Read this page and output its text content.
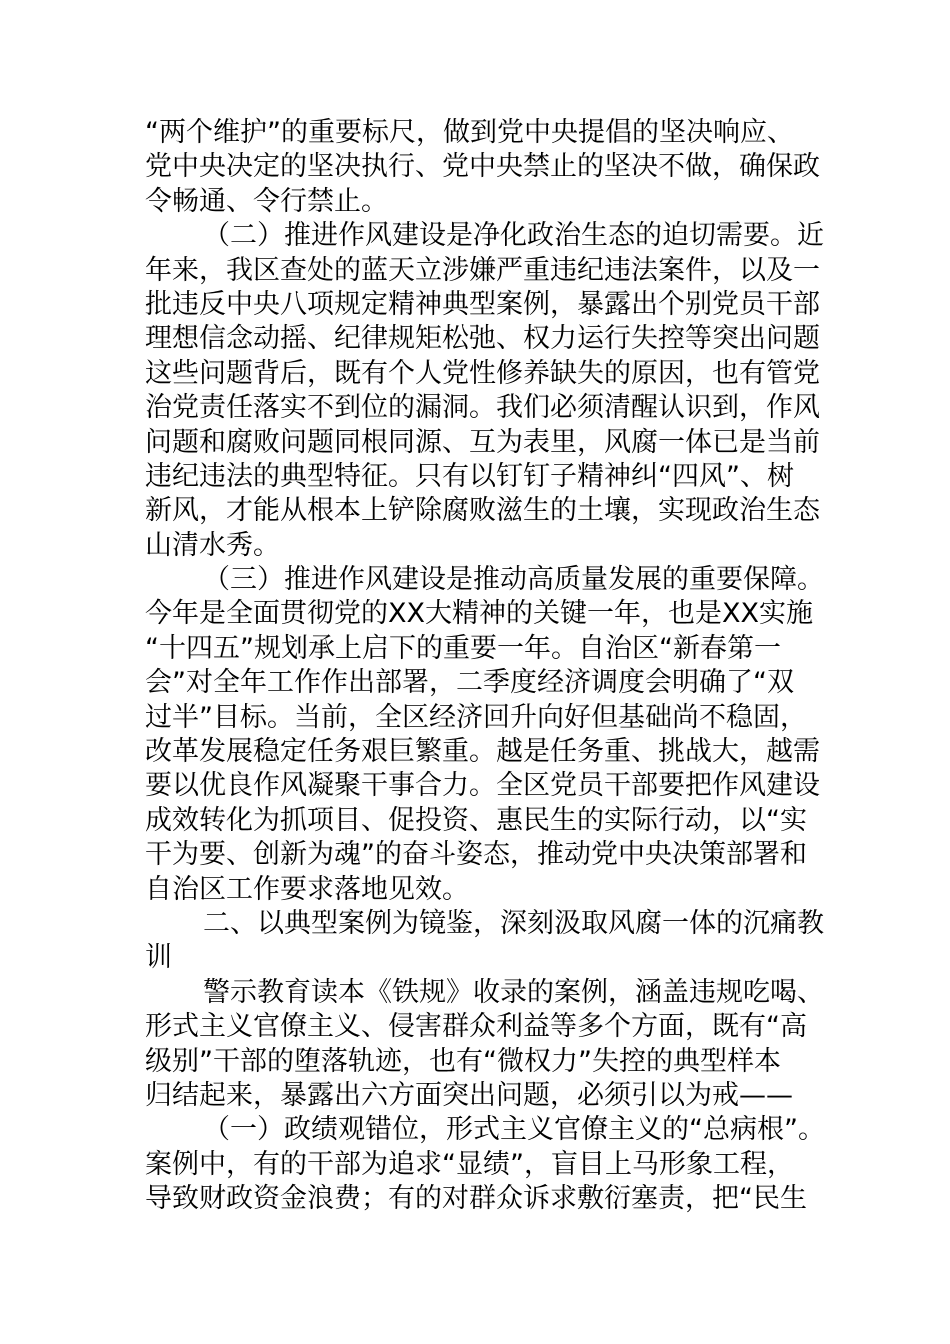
“两个维护”的重要标尺，做到党中央提倡的坚决响应、
党中央决定的坚决执行、党中央禁止的坚决不做，确保政
令畅通、令行禁止。
（二）推进作风建设是净化政治生态的迫切需要。近
年来，我区查处的蓝天立涉嫌严重违纪违法案件，以及一
批违反中央八项规定精神典型案例，暴露出个别党员干部
理想信念动摇、纪律规矩松弛、权力运行失控等突出问题
这些问题背后，既有个人党性修养缺失的原因，也有管党
治党责任落实不到位的漏洞。我们必须清醒认识到，作风
问题和腐败问题同根同源、互为表里，风腐一体已是当前
违纪违法的典型特征。只有以钉钉子精神纠“四风”、树
新风，才能从根本上铲除腐败滋生的土壤，实现政治生态
山清水秀。
（三）推进作风建设是推动高质量发展的重要保障。
今年是全面贯彻党的XX大精神的关键一年，也是XX实施
“十四五”规划承上启下的重要一年。自治区“新春第一
会”对全年工作作出部署，二季度经济调度会明确了“双
过半”目标。当前，全区经济回升向好但基础尚不稳固，
改革发展稳定任务艰巨繁重。越是任务重、挑战大，越需
要以优良作风凝聚干事合力。全区党员干部要把作风建设
成效转化为抓项目、促投资、惠民生的实际行动，以“实
干为要、创新为魂”的奋斗姿态，推动党中央决策部署和
自治区工作要求落地见效。
二、以典型案例为镜鉴，深刻汲取风腐一体的沉痛教
训
警示教育读本《铁规》收录的案例，涵盖违规吃喝、
形式主义官僚主义、侵害群众利益等多个方面，既有“高
级别”干部的堕落轨迹，也有“微权力”失控的典型样本
归结起来，暴露出六方面突出问题，必须引以为戒——
（一）政绩观错位，形式主义官僚主义的“总病根”。
案例中，有的干部为追求“显绩”，盲目上马形象工程，
导致财政资金浪费；有的对群众诉求敷衍塞责，把“民生
